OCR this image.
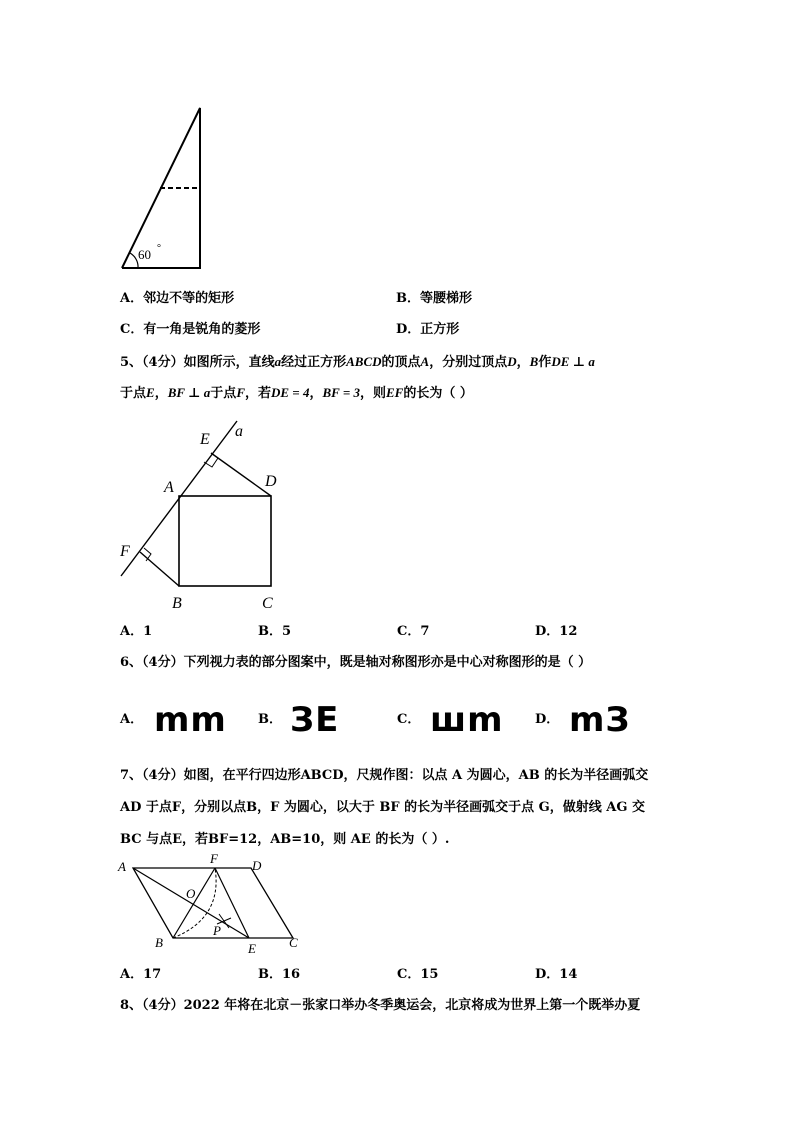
60 °
A．邻边不等的矩形	B．等腰梯形
C．有一角是锐角的菱形	D．正方形
5、（4分）如图所示，直线a经过正方形ABCD的顶点A，分别过顶点D，B作DE ⊥ a
于点E，BF ⊥ a于点F，若DE = 4，BF = 3，则EF的长为（ ）
E a
A	D
F
B	C
A．1	B．5	C．7	D．12
6、（4分）下列视力表的部分图案中，既是轴对称图形亦是中心对称图形的是（ ）
A． mm B． ЗE	C． шm D． mЗ
7、（4分）如图，在平行四边形ABCD，尺规作图：以点 A 为圆心，AB 的长为半径画弧交
AD 于点F，分别以点B，F 为圆心，以大于 BF 的长为半径画弧交于点 G，做射线 AG 交
BC 与点E，若BF=12，AB=10，则 AE 的长为（ ）.
A
F	D
O
P
B	E	C
A．17	B．16	C．15	D．14
8、（4分）2022 年将在北京－张家口举办冬季奥运会，北京将成为世界上第一个既举办夏
